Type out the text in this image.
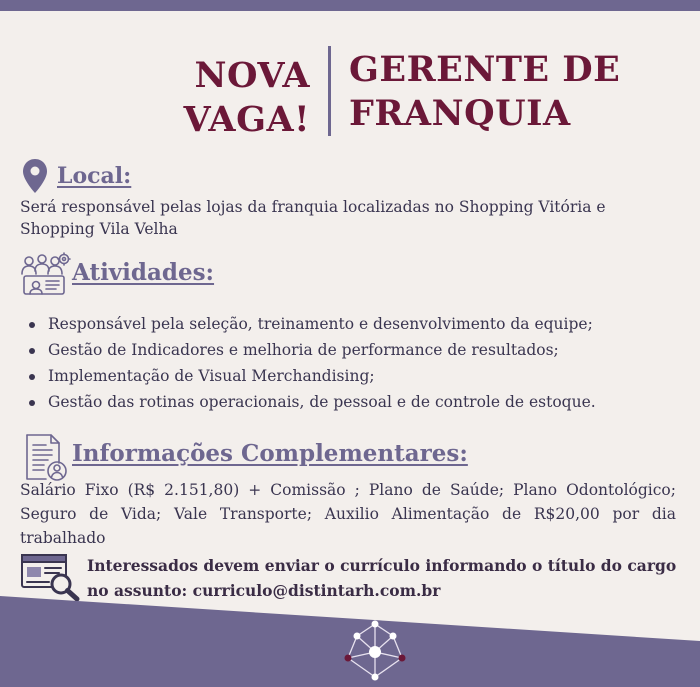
NOVA
VAGA!
GERENTE DE
FRANQUIA
Local:
Será responsável pelas lojas da franquia localizadas no Shopping Vitória e Shopping Vila Velha
Atividades:
Responsável pela seleção, treinamento e desenvolvimento da equipe;
Gestão de Indicadores e melhoria de performance de resultados;
Implementação de Visual Merchandising;
Gestão das rotinas operacionais, de pessoal e de controle de estoque.
Informações Complementares:
Salário Fixo (R$ 2.151,80) + Comissão ; Plano de Saúde; Plano Odontológico; Seguro de Vida; Vale Transporte; Auxilio Alimentação de R$20,00 por dia trabalhado
Interessados devem enviar o currículo informando o título do cargo no assunto: curriculo@distintarh.com.br
